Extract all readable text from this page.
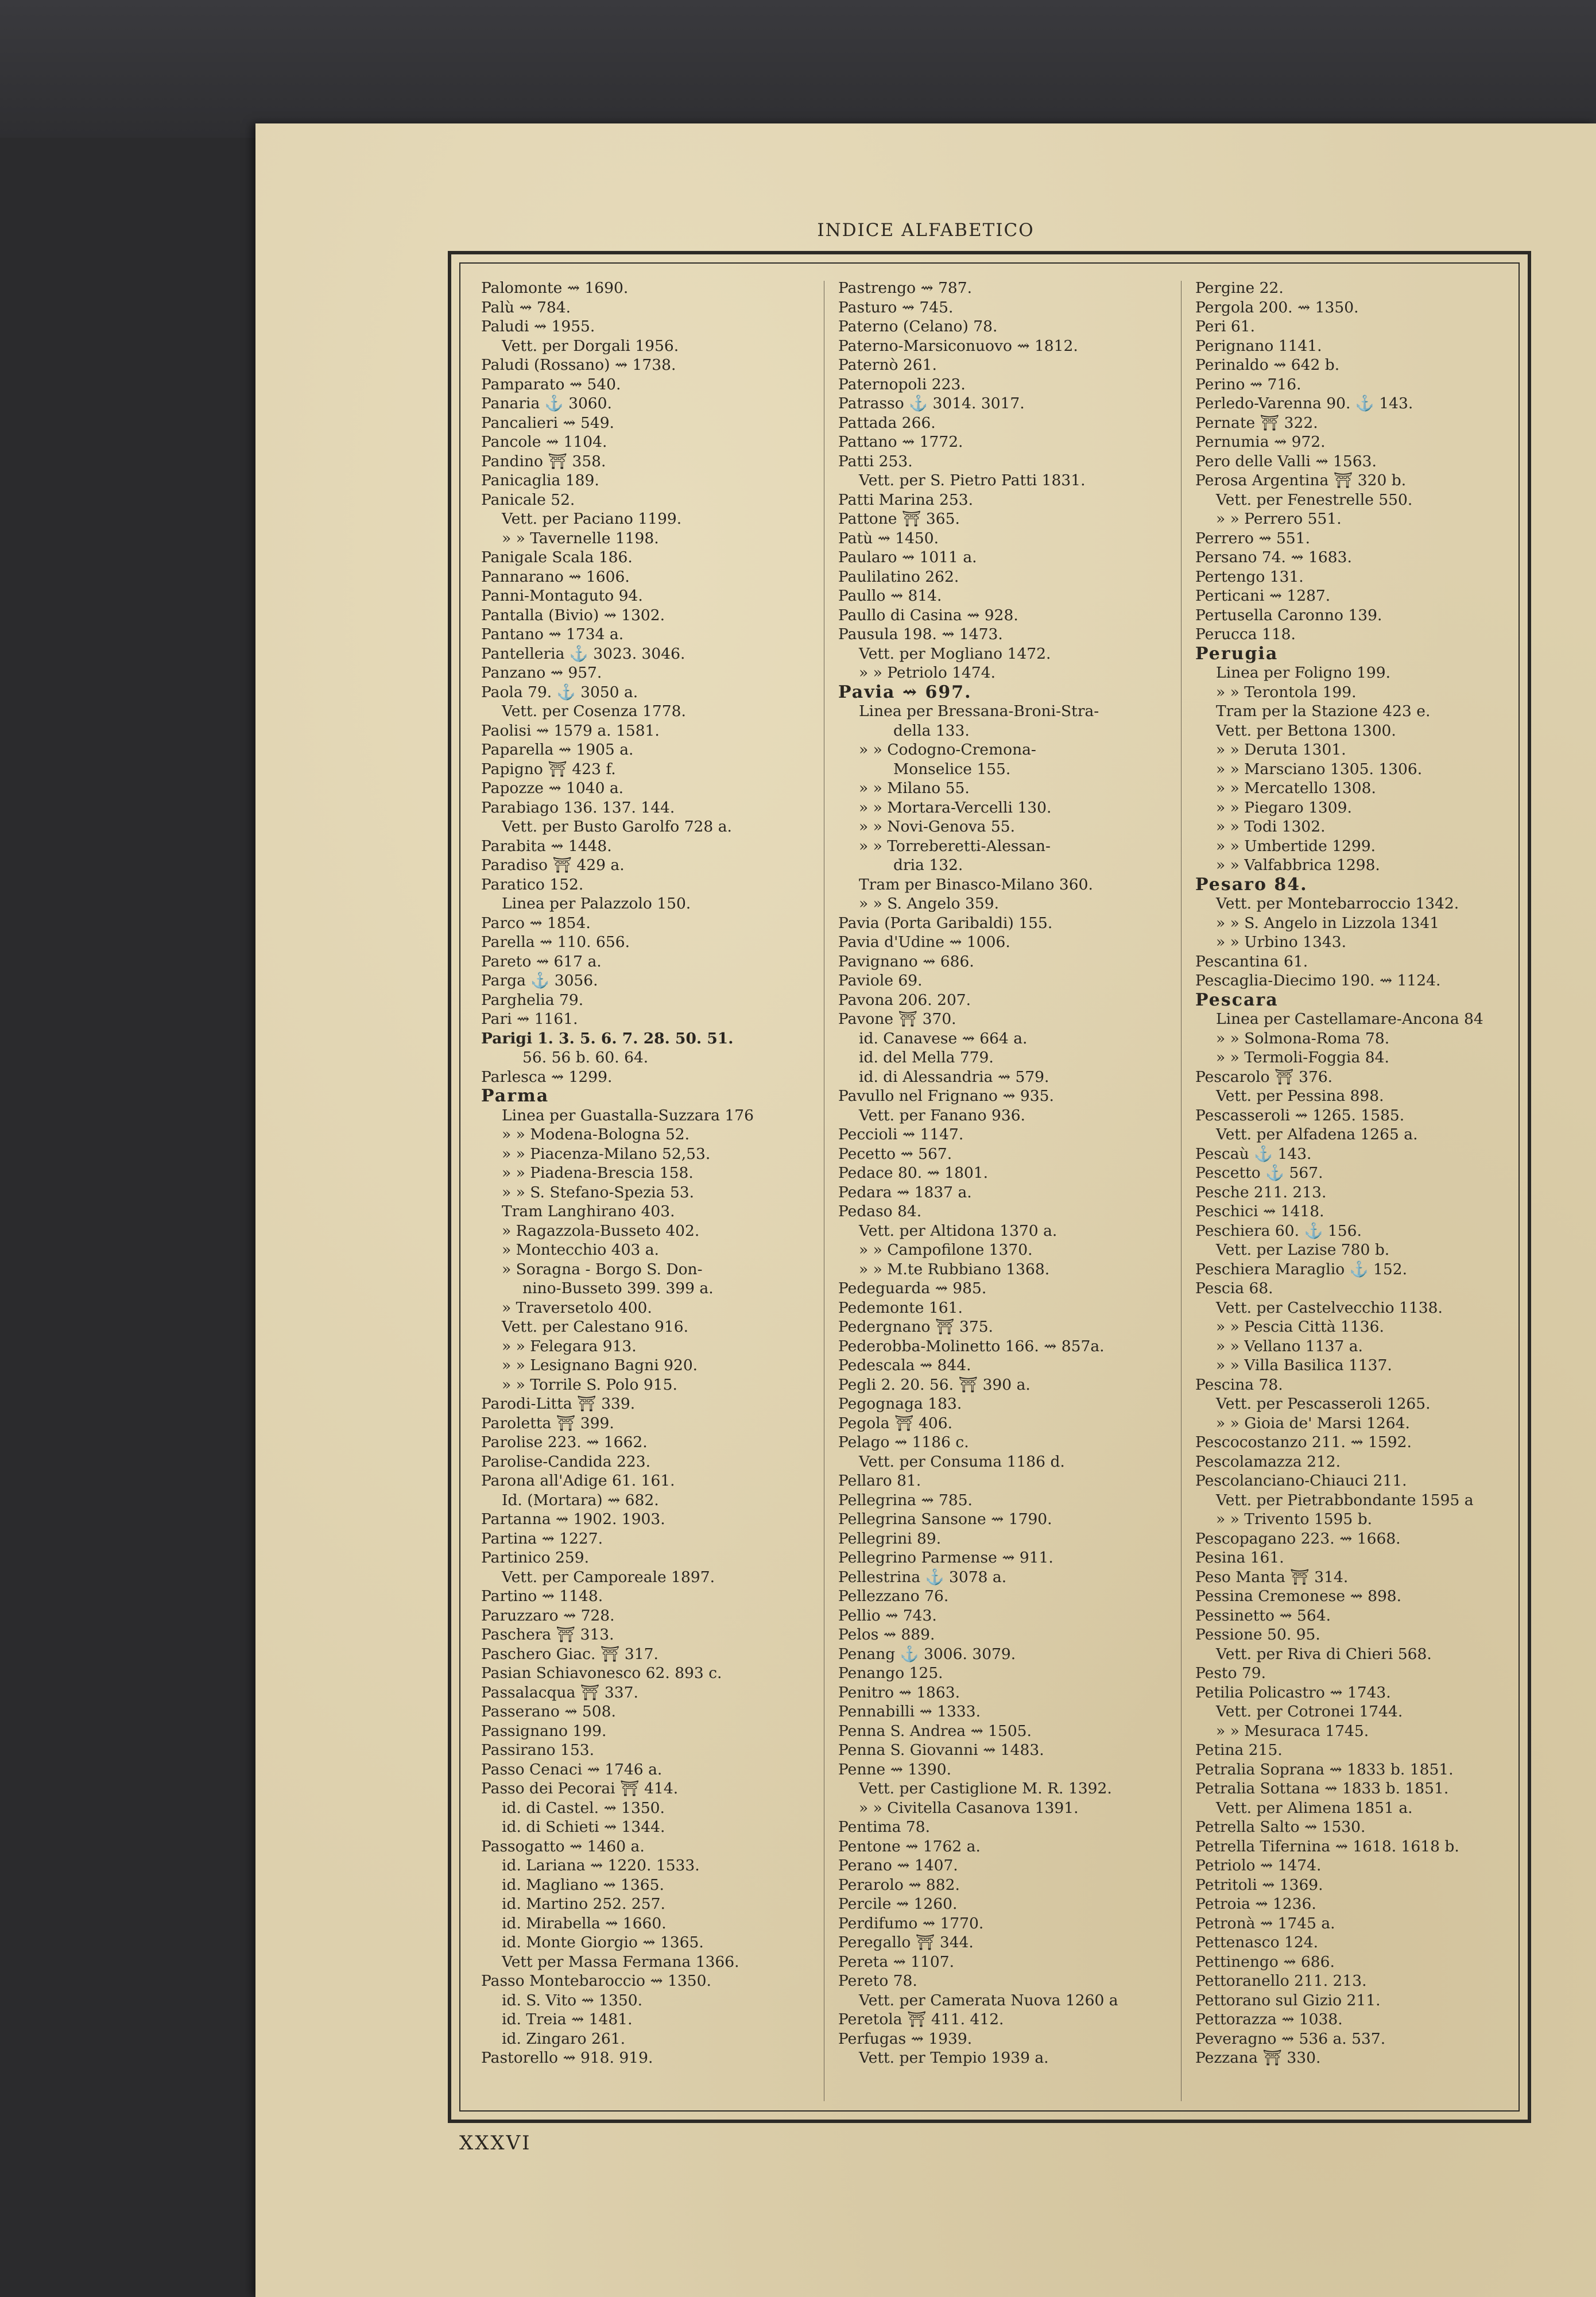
INDICE ALFABETICO
Palomonte ⇝ 1690.
Palù ⇝ 784.
Paludi ⇝ 1955.
Vett. per Dorgali 1956.
Paludi (Rossano) ⇝ 1738.
Pamparato ⇝ 540.
Panaria ⚓ 3060.
Pancalieri ⇝ 549.
Pancole ⇝ 1104.
Pandino ⛩ 358.
Panicaglia 189.
Panicale 52.
Vett. per Paciano 1199.
» » Tavernelle 1198.
Panigale Scala 186.
Pannarano ⇝ 1606.
Panni-Montaguto 94.
Pantalla (Bivio) ⇝ 1302.
Pantano ⇝ 1734 a.
Pantelleria ⚓ 3023. 3046.
Panzano ⇝ 957.
Paola 79. ⚓ 3050 a.
Vett. per Cosenza 1778.
Paolisi ⇝ 1579 a. 1581.
Paparella ⇝ 1905 a.
Papigno ⛩ 423 f.
Papozze ⇝ 1040 a.
Parabiago 136. 137. 144.
Vett. per Busto Garolfo 728 a.
Parabita ⇝ 1448.
Paradiso ⛩ 429 a.
Paratico 152.
Linea per Palazzolo 150.
Parco ⇝ 1854.
Parella ⇝ 110. 656.
Pareto ⇝ 617 a.
Parga ⚓ 3056.
Parghelia 79.
Pari ⇝ 1161.
Parigi 1. 3. 5. 6. 7. 28. 50. 51.
56. 56 b. 60. 64.
Parlesca ⇝ 1299.
Parma
Linea per Guastalla-Suzzara 176
» » Modena-Bologna 52.
» » Piacenza-Milano 52,53.
» » Piadena-Brescia 158.
» » S. Stefano-Spezia 53.
Tram Langhirano 403.
» Ragazzola-Busseto 402.
» Montecchio 403 a.
» Soragna - Borgo S. Don-
nino-Busseto 399. 399 a.
» Traversetolo 400.
Vett. per Calestano 916.
» » Felegara 913.
» » Lesignano Bagni 920.
» » Torrile S. Polo 915.
Parodi-Litta ⛩ 339.
Paroletta ⛩ 399.
Parolise 223. ⇝ 1662.
Parolise-Candida 223.
Parona all'Adige 61. 161.
Id. (Mortara) ⇝ 682.
Partanna ⇝ 1902. 1903.
Partina ⇝ 1227.
Partinico 259.
Vett. per Camporeale 1897.
Partino ⇝ 1148.
Paruzzaro ⇝ 728.
Paschera ⛩ 313.
Paschero Giac. ⛩ 317.
Pasian Schiavonesco 62. 893 c.
Passalacqua ⛩ 337.
Passerano ⇝ 508.
Passignano 199.
Passirano 153.
Passo Cenaci ⇝ 1746 a.
Passo dei Pecorai ⛩ 414.
id. di Castel. ⇝ 1350.
id. di Schieti ⇝ 1344.
Passogatto ⇝ 1460 a.
id. Lariana ⇝ 1220. 1533.
id. Magliano ⇝ 1365.
id. Martino 252. 257.
id. Mirabella ⇝ 1660.
id. Monte Giorgio ⇝ 1365.
Vett per Massa Fermana 1366.
Passo Montebaroccio ⇝ 1350.
id. S. Vito ⇝ 1350.
id. Treia ⇝ 1481.
id. Zingaro 261.
Pastorello ⇝ 918. 919.
Pastrengo ⇝ 787.
Pasturo ⇝ 745.
Paterno (Celano) 78.
Paterno-Marsiconuovo ⇝ 1812.
Paternò 261.
Paternopoli 223.
Patrasso ⚓ 3014. 3017.
Pattada 266.
Pattano ⇝ 1772.
Patti 253.
Vett. per S. Pietro Patti 1831.
Patti Marina 253.
Pattone ⛩ 365.
Patù ⇝ 1450.
Paularo ⇝ 1011 a.
Paulilatino 262.
Paullo ⇝ 814.
Paullo di Casina ⇝ 928.
Pausula 198. ⇝ 1473.
Vett. per Mogliano 1472.
» » Petriolo 1474.
Pavia ⇝ 697.
Linea per Bressana-Broni-Stra-
della 133.
» » Codogno-Cremona-
Monselice 155.
» » Milano 55.
» » Mortara-Vercelli 130.
» » Novi-Genova 55.
» » Torreberetti-Alessan-
dria 132.
Tram per Binasco-Milano 360.
» » S. Angelo 359.
Pavia (Porta Garibaldi) 155.
Pavia d'Udine ⇝ 1006.
Pavignano ⇝ 686.
Paviole 69.
Pavona 206. 207.
Pavone ⛩ 370.
id. Canavese ⇝ 664 a.
id. del Mella 779.
id. di Alessandria ⇝ 579.
Pavullo nel Frignano ⇝ 935.
Vett. per Fanano 936.
Peccioli ⇝ 1147.
Pecetto ⇝ 567.
Pedace 80. ⇝ 1801.
Pedara ⇝ 1837 a.
Pedaso 84.
Vett. per Altidona 1370 a.
» » Campofilone 1370.
» » M.te Rubbiano 1368.
Pedeguarda ⇝ 985.
Pedemonte 161.
Pedergnano ⛩ 375.
Pederobba-Molinetto 166. ⇝ 857a.
Pedescala ⇝ 844.
Pegli 2. 20. 56. ⛩ 390 a.
Pegognaga 183.
Pegola ⛩ 406.
Pelago ⇝ 1186 c.
Vett. per Consuma 1186 d.
Pellaro 81.
Pellegrina ⇝ 785.
Pellegrina Sansone ⇝ 1790.
Pellegrini 89.
Pellegrino Parmense ⇝ 911.
Pellestrina ⚓ 3078 a.
Pellezzano 76.
Pellio ⇝ 743.
Pelos ⇝ 889.
Penang ⚓ 3006. 3079.
Penango 125.
Penitro ⇝ 1863.
Pennabilli ⇝ 1333.
Penna S. Andrea ⇝ 1505.
Penna S. Giovanni ⇝ 1483.
Penne ⇝ 1390.
Vett. per Castiglione M. R. 1392.
» » Civitella Casanova 1391.
Pentima 78.
Pentone ⇝ 1762 a.
Perano ⇝ 1407.
Perarolo ⇝ 882.
Percile ⇝ 1260.
Perdifumo ⇝ 1770.
Peregallo ⛩ 344.
Pereta ⇝ 1107.
Pereto 78.
Vett. per Camerata Nuova 1260 a
Peretola ⛩ 411. 412.
Perfugas ⇝ 1939.
Vett. per Tempio 1939 a.
Pergine 22.
Pergola 200. ⇝ 1350.
Peri 61.
Perignano 1141.
Perinaldo ⇝ 642 b.
Perino ⇝ 716.
Perledo-Varenna 90. ⚓ 143.
Pernate ⛩ 322.
Pernumia ⇝ 972.
Pero delle Valli ⇝ 1563.
Perosa Argentina ⛩ 320 b.
Vett. per Fenestrelle 550.
» » Perrero 551.
Perrero ⇝ 551.
Persano 74. ⇝ 1683.
Pertengo 131.
Perticani ⇝ 1287.
Pertusella Caronno 139.
Perucca 118.
Perugia
Linea per Foligno 199.
» » Terontola 199.
Tram per la Stazione 423 e.
Vett. per Bettona 1300.
» » Deruta 1301.
» » Marsciano 1305. 1306.
» » Mercatello 1308.
» » Piegaro 1309.
» » Todi 1302.
» » Umbertide 1299.
» » Valfabbrica 1298.
Pesaro 84.
Vett. per Montebarroccio 1342.
» » S. Angelo in Lizzola 1341
» » Urbino 1343.
Pescantina 61.
Pescaglia-Diecimo 190. ⇝ 1124.
Pescara
Linea per Castellamare-Ancona 84
» » Solmona-Roma 78.
» » Termoli-Foggia 84.
Pescarolo ⛩ 376.
Vett. per Pessina 898.
Pescasseroli ⇝ 1265. 1585.
Vett. per Alfadena 1265 a.
Pescaù ⚓ 143.
Pescetto ⚓ 567.
Pesche 211. 213.
Peschici ⇝ 1418.
Peschiera 60. ⚓ 156.
Vett. per Lazise 780 b.
Peschiera Maraglio ⚓ 152.
Pescia 68.
Vett. per Castelvecchio 1138.
» » Pescia Città 1136.
» » Vellano 1137 a.
» » Villa Basilica 1137.
Pescina 78.
Vett. per Pescasseroli 1265.
» » Gioia de' Marsi 1264.
Pescocostanzo 211. ⇝ 1592.
Pescolamazza 212.
Pescolanciano-Chiauci 211.
Vett. per Pietrabbondante 1595 a
» » Trivento 1595 b.
Pescopagano 223. ⇝ 1668.
Pesina 161.
Peso Manta ⛩ 314.
Pessina Cremonese ⇝ 898.
Pessinetto ⇝ 564.
Pessione 50. 95.
Vett. per Riva di Chieri 568.
Pesto 79.
Petilia Policastro ⇝ 1743.
Vett. per Cotronei 1744.
» » Mesuraca 1745.
Petina 215.
Petralia Soprana ⇝ 1833 b. 1851.
Petralia Sottana ⇝ 1833 b. 1851.
Vett. per Alimena 1851 a.
Petrella Salto ⇝ 1530.
Petrella Tifernina ⇝ 1618. 1618 b.
Petriolo ⇝ 1474.
Petritoli ⇝ 1369.
Petroia ⇝ 1236.
Petronà ⇝ 1745 a.
Pettenasco 124.
Pettinengo ⇝ 686.
Pettoranello 211. 213.
Pettorano sul Gizio 211.
Pettorazza ⇝ 1038.
Peveragno ⇝ 536 a. 537.
Pezzana ⛩ 330.
XXXVI
